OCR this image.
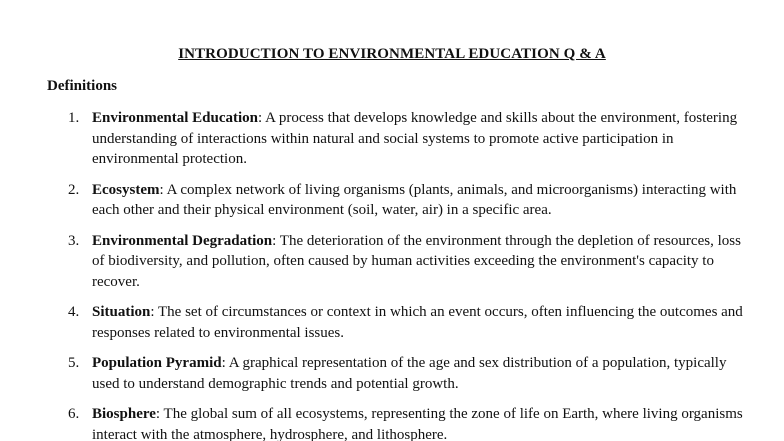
INTRODUCTION TO ENVIRONMENTAL EDUCATION Q & A
Definitions
1. Environmental Education: A process that develops knowledge and skills about the environment, fostering understanding of interactions within natural and social systems to promote active participation in environmental protection.
2. Ecosystem: A complex network of living organisms (plants, animals, and microorganisms) interacting with each other and their physical environment (soil, water, air) in a specific area.
3. Environmental Degradation: The deterioration of the environment through the depletion of resources, loss of biodiversity, and pollution, often caused by human activities exceeding the environment's capacity to recover.
4. Situation: The set of circumstances or context in which an event occurs, often influencing the outcomes and responses related to environmental issues.
5. Population Pyramid: A graphical representation of the age and sex distribution of a population, typically used to understand demographic trends and potential growth.
6. Biosphere: The global sum of all ecosystems, representing the zone of life on Earth, where living organisms interact with the atmosphere, hydrosphere, and lithosphere.
